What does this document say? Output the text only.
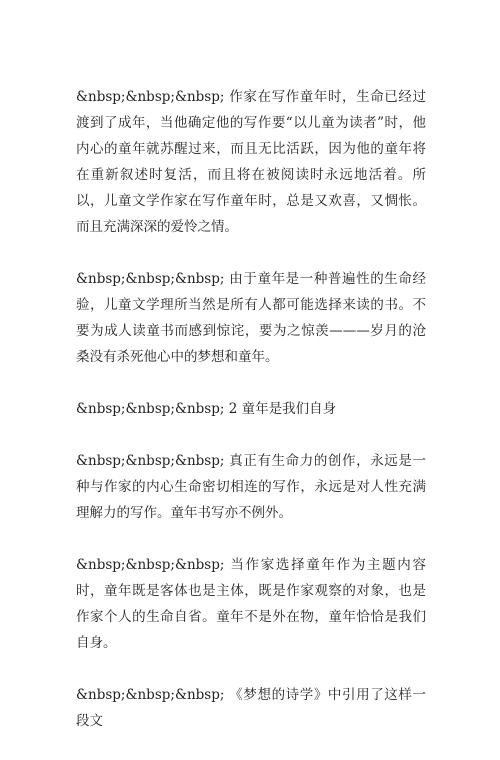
&nbsp;&nbsp;&nbsp; 作家在写作童年时，生命已经过渡到了成年，当他确定他的写作要“以儿童为读者”时，他内心的童年就苏醒过来，而且无比活跃，因为他的童年将在重新叙述时复活，而且将在被阅读时永远地活着。所以，儿童文学作家在写作童年时，总是又欢喜，又惆怅。而且充满深深的爱怜之情。

&nbsp;&nbsp;&nbsp; 由于童年是一种普遍性的生命经验，儿童文学理所当然是所有人都可能选择来读的书。不要为成人读童书而感到惊诧，要为之惊羡———岁月的沧桑没有杀死他心中的梦想和童年。

&nbsp;&nbsp;&nbsp; 2 童年是我们自身

&nbsp;&nbsp;&nbsp; 真正有生命力的创作，永远是一种与作家的内心生命密切相连的写作，永远是对人性充满理解力的写作。童年书写亦不例外。

&nbsp;&nbsp;&nbsp; 当作家选择童年作为主题内容时，童年既是客体也是主体，既是作家观察的对象，也是作家个人的生命自省。童年不是外在物，童年恰恰是我们自身。

&nbsp;&nbsp;&nbsp; 《梦想的诗学》中引用了这样一段文
